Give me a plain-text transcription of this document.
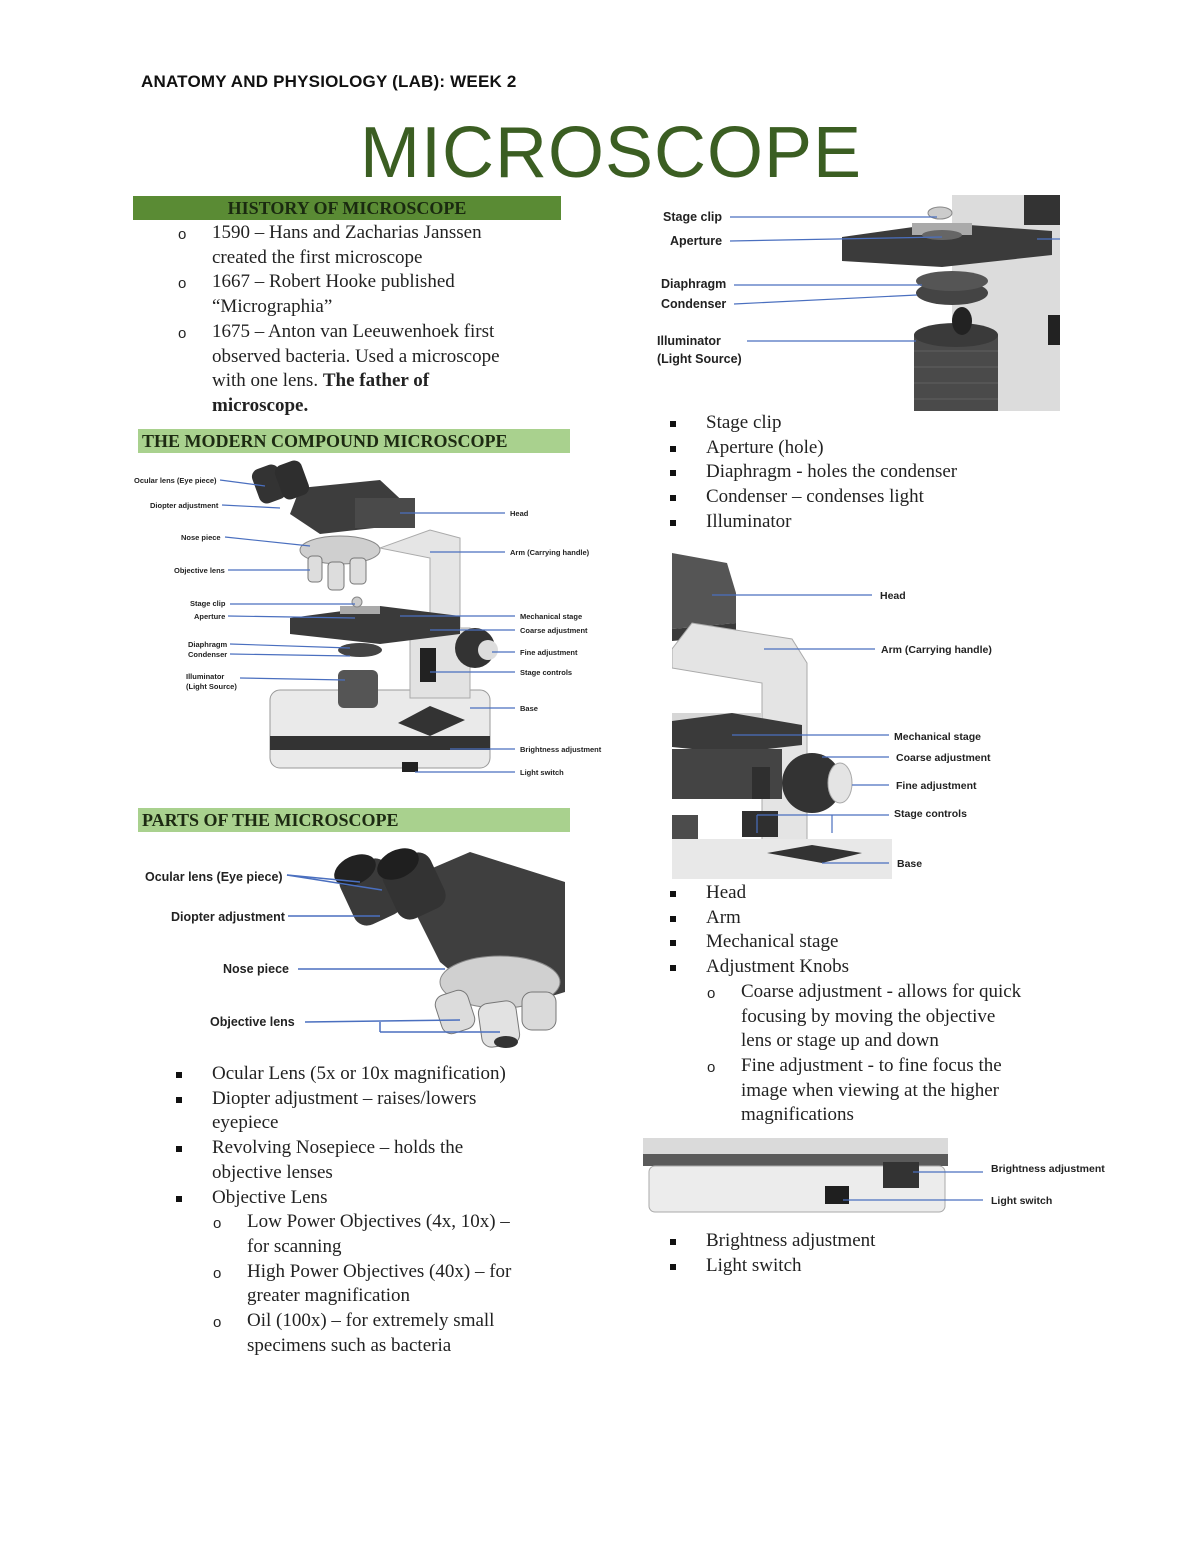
ANATOMY AND PHYSIOLOGY (LAB): WEEK 2
MICROSCOPE
HISTORY OF MICROSCOPE
o 1590 – Hans and Zacharias Janssen
created the first microscope
o 1667 – Robert Hooke published
“Micrographia”
o 1675 – Anton van Leeuwenhoek first
observed bacteria. Used a microscope
with one lens. The father of
microscope.
THE MODERN COMPOUND MICROSCOPE
Ocular lens (Eye piece)
Diopter adjustment
Nose piece
Objective lens
Stage clip
Aperture
Diaphragm
Condenser
Illuminator
(Light Source)
Head
Arm (Carrying handle)
Mechanical stage
Coarse adjustment
Fine adjustment
Stage controls
Base
Brightness adjustment
Light switch
PARTS OF THE MICROSCOPE
Ocular lens (Eye piece)
Diopter adjustment
Nose piece
Objective lens
Ocular Lens (5x or 10x magnification)
Diopter adjustment – raises/lowers
eyepiece
Revolving Nosepiece – holds the
objective lenses
Objective Lens
o Low Power Objectives (4x, 10x) –
for scanning
o High Power Objectives (40x) – for
greater magnification
o Oil (100x) – for extremely small
specimens such as bacteria
Stage clip
Aperture
Diaphragm
Condenser
Illuminator
(Light Source)
Stage clip
Aperture (hole)
Diaphragm - holes the condenser
Condenser – condenses light
Illuminator
Head
Arm (Carrying handle)
Mechanical stage
Coarse adjustment
Fine adjustment
Stage controls
Base
Head
Arm
Mechanical stage
Adjustment Knobs
o Coarse adjustment - allows for quick
focusing by moving the objective
lens or stage up and down
o Fine adjustment - to fine focus the
image when viewing at the higher
magnifications
Brightness adjustment
Light switch
Brightness adjustment
Light switch
